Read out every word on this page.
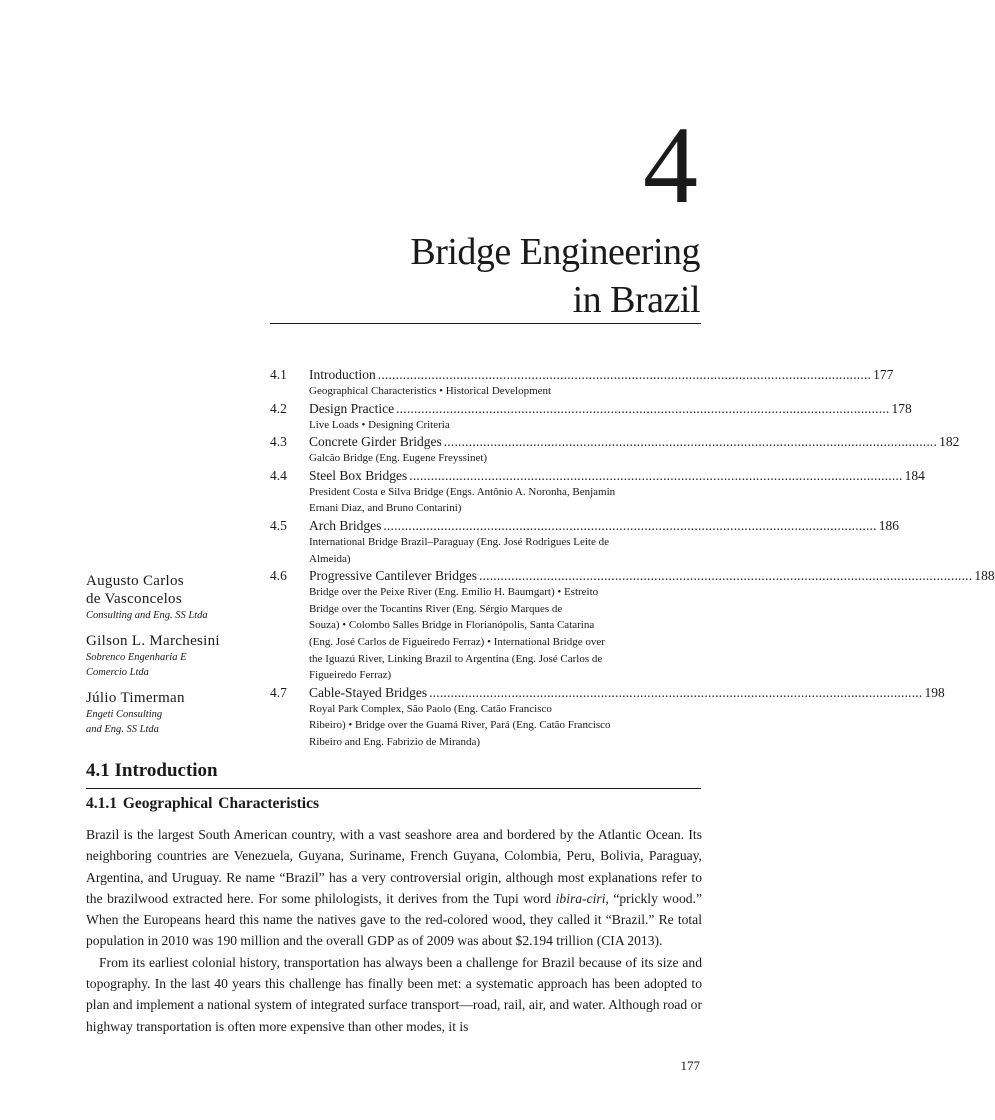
4
Bridge Engineering
in Brazil
4.1	Introduction .......................................................................................................................................... 177
Geographical Characteristics • Historical Development
4.2	Design Practice .......................................................................................................................................... 178
Live Loads • Designing Criteria
4.3	Concrete Girder Bridges .......................................................................................................................................... 182
Galcão Bridge (Eng. Eugene Freyssinet)
4.4	Steel Box Bridges .......................................................................................................................................... 184
President Costa e Silva Bridge (Engs. Antônio A. Noronha, Benjamin
Ernani Diaz, and Bruno Contarini)
4.5	Arch Bridges .......................................................................................................................................... 186
International Bridge Brazil–Paraguay (Eng. José Rodrigues Leite de
Almeida)
4.6	Progressive Cantilever Bridges .......................................................................................................................................... 188
Bridge over the Peixe River (Eng. Emílio H. Baumgart) • Estreito
Bridge over the Tocantins River (Eng. Sérgio Marques de
Souza) • Colombo Salles Bridge in Florianópolis, Santa Catarina
(Eng. José Carlos de Figueiredo Ferraz) • International Bridge over
the Iguazú River, Linking Brazil to Argentina (Eng. José Carlos de
Figueiredo Ferraz)
4.7	Cable-Stayed Bridges .......................................................................................................................................... 198
Royal Park Complex, São Paolo (Eng. Catão Francisco
Ribeiro) • Bridge over the Guamá River, Pará (Eng. Catão Francisco
Ribeiro and Eng. Fabrizio de Miranda)
Augusto Carlos
de Vasconcelos
Consulting and Eng. SS Ltda
Gilson L. Marchesini
Sobrenco Engenharia E
Comercio Ltda
Júlio Timerman
Engeti Consulting
and Eng. SS Ltda
4.1 Introduction
4.1.1 Geographical Characteristics

Brazil is the largest South American country, with a vast seashore area and bordered by the Atlantic Ocean. Its neighboring countries are Venezuela, Guyana, Suriname, French Guyana, Colombia, Peru, Bolivia, Paraguay, Argentina, and Uruguay. Re name “Brazil” has a very controversial origin, although most explanations refer to the brazilwood extracted here. For some philologists, it derives from the Tupi word ibira-ciri, “prickly wood.” When the Europeans heard this name the natives gave to the red-colored wood, they called it “Brazil.” Re total population in 2010 was 190 million and the overall GDP as of 2009 was about $2.194 trillion (CIA 2013).

From its earliest colonial history, transportation has always been a challenge for Brazil because of its size and topography. In the last 40 years this challenge has finally been met: a systematic approach has been adopted to plan and implement a national system of integrated surface transport—road, rail, air, and water. Although road or highway transportation is often more expensive than other modes, it is

177
